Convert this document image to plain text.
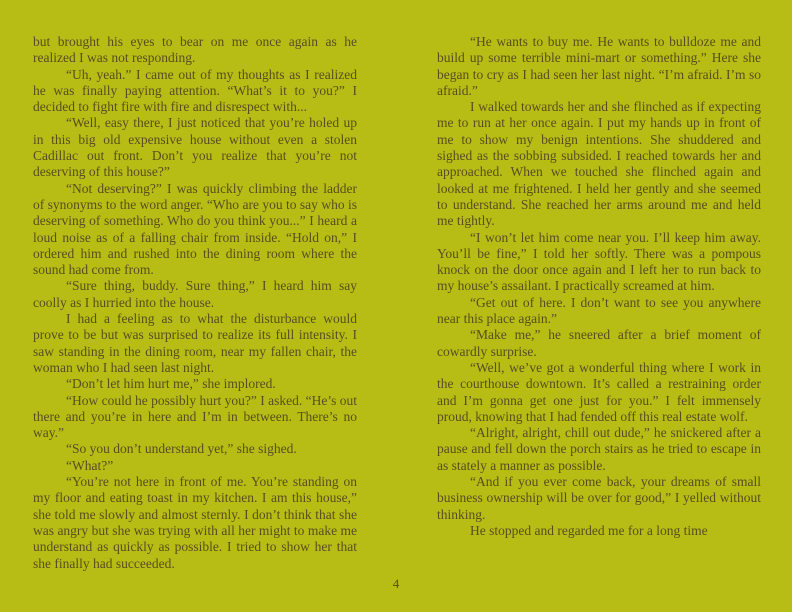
but brought his eyes to bear on me once again as he realized I was not responding.

“Uh, yeah.” I came out of my thoughts as I realized he was finally paying attention. “What’s it to you?” I decided to fight fire with fire and disrespect with...

“Well, easy there, I just noticed that you’re holed up in this big old expensive house without even a stolen Cadillac out front. Don’t you realize that you’re not deserving of this house?”

“Not deserving?” I was quickly climbing the ladder of synonyms to the word anger. “Who are you to say who is deserving of something. Who do you think you...” I heard a loud noise as of a falling chair from inside. “Hold on,” I ordered him and rushed into the dining room where the sound had come from.

“Sure thing, buddy. Sure thing,” I heard him say coolly as I hurried into the house.

I had a feeling as to what the disturbance would prove to be but was surprised to realize its full intensity. I saw standing in the dining room, near my fallen chair, the woman who I had seen last night.

“Don’t let him hurt me,” she implored.

“How could he possibly hurt you?” I asked. “He’s out there and you’re in here and I’m in between. There’s no way.”

“So you don’t understand yet,” she sighed.

“What?”

“You’re not here in front of me. You’re standing on my floor and eating toast in my kitchen. I am this house,” she told me slowly and almost sternly. I don’t think that she was angry but she was trying with all her might to make me understand as quickly as possible. I tried to show her that she finally had succeeded.

“He wants to buy me. He wants to bulldoze me and build up some terrible mini-mart or something.” Here she began to cry as I had seen her last night. “I’m afraid. I’m so afraid.”

I walked towards her and she flinched as if expecting me to run at her once again. I put my hands up in front of me to show my benign intentions. She shuddered and sighed as the sobbing subsided. I reached towards her and approached. When we touched she flinched again and looked at me frightened. I held her gently and she seemed to understand. She reached her arms around me and held me tightly.

“I won’t let him come near you. I’ll keep him away. You’ll be fine,” I told her softly. There was a pompous knock on the door once again and I left her to run back to my house’s assailant. I practically screamed at him.

“Get out of here. I don’t want to see you anywhere near this place again.”

“Make me,” he sneered after a brief moment of cowardly surprise.

“Well, we’ve got a wonderful thing where I work in the courthouse downtown. It’s called a restraining order and I’m gonna get one just for you.” I felt immensely proud, knowing that I had fended off this real estate wolf.

“Alright, alright, chill out dude,” he snickered after a pause and fell down the porch stairs as he tried to escape in as stately a manner as possible.

“And if you ever come back, your dreams of small business ownership will be over for good,” I yelled without thinking.

He stopped and regarded me for a long time

4
